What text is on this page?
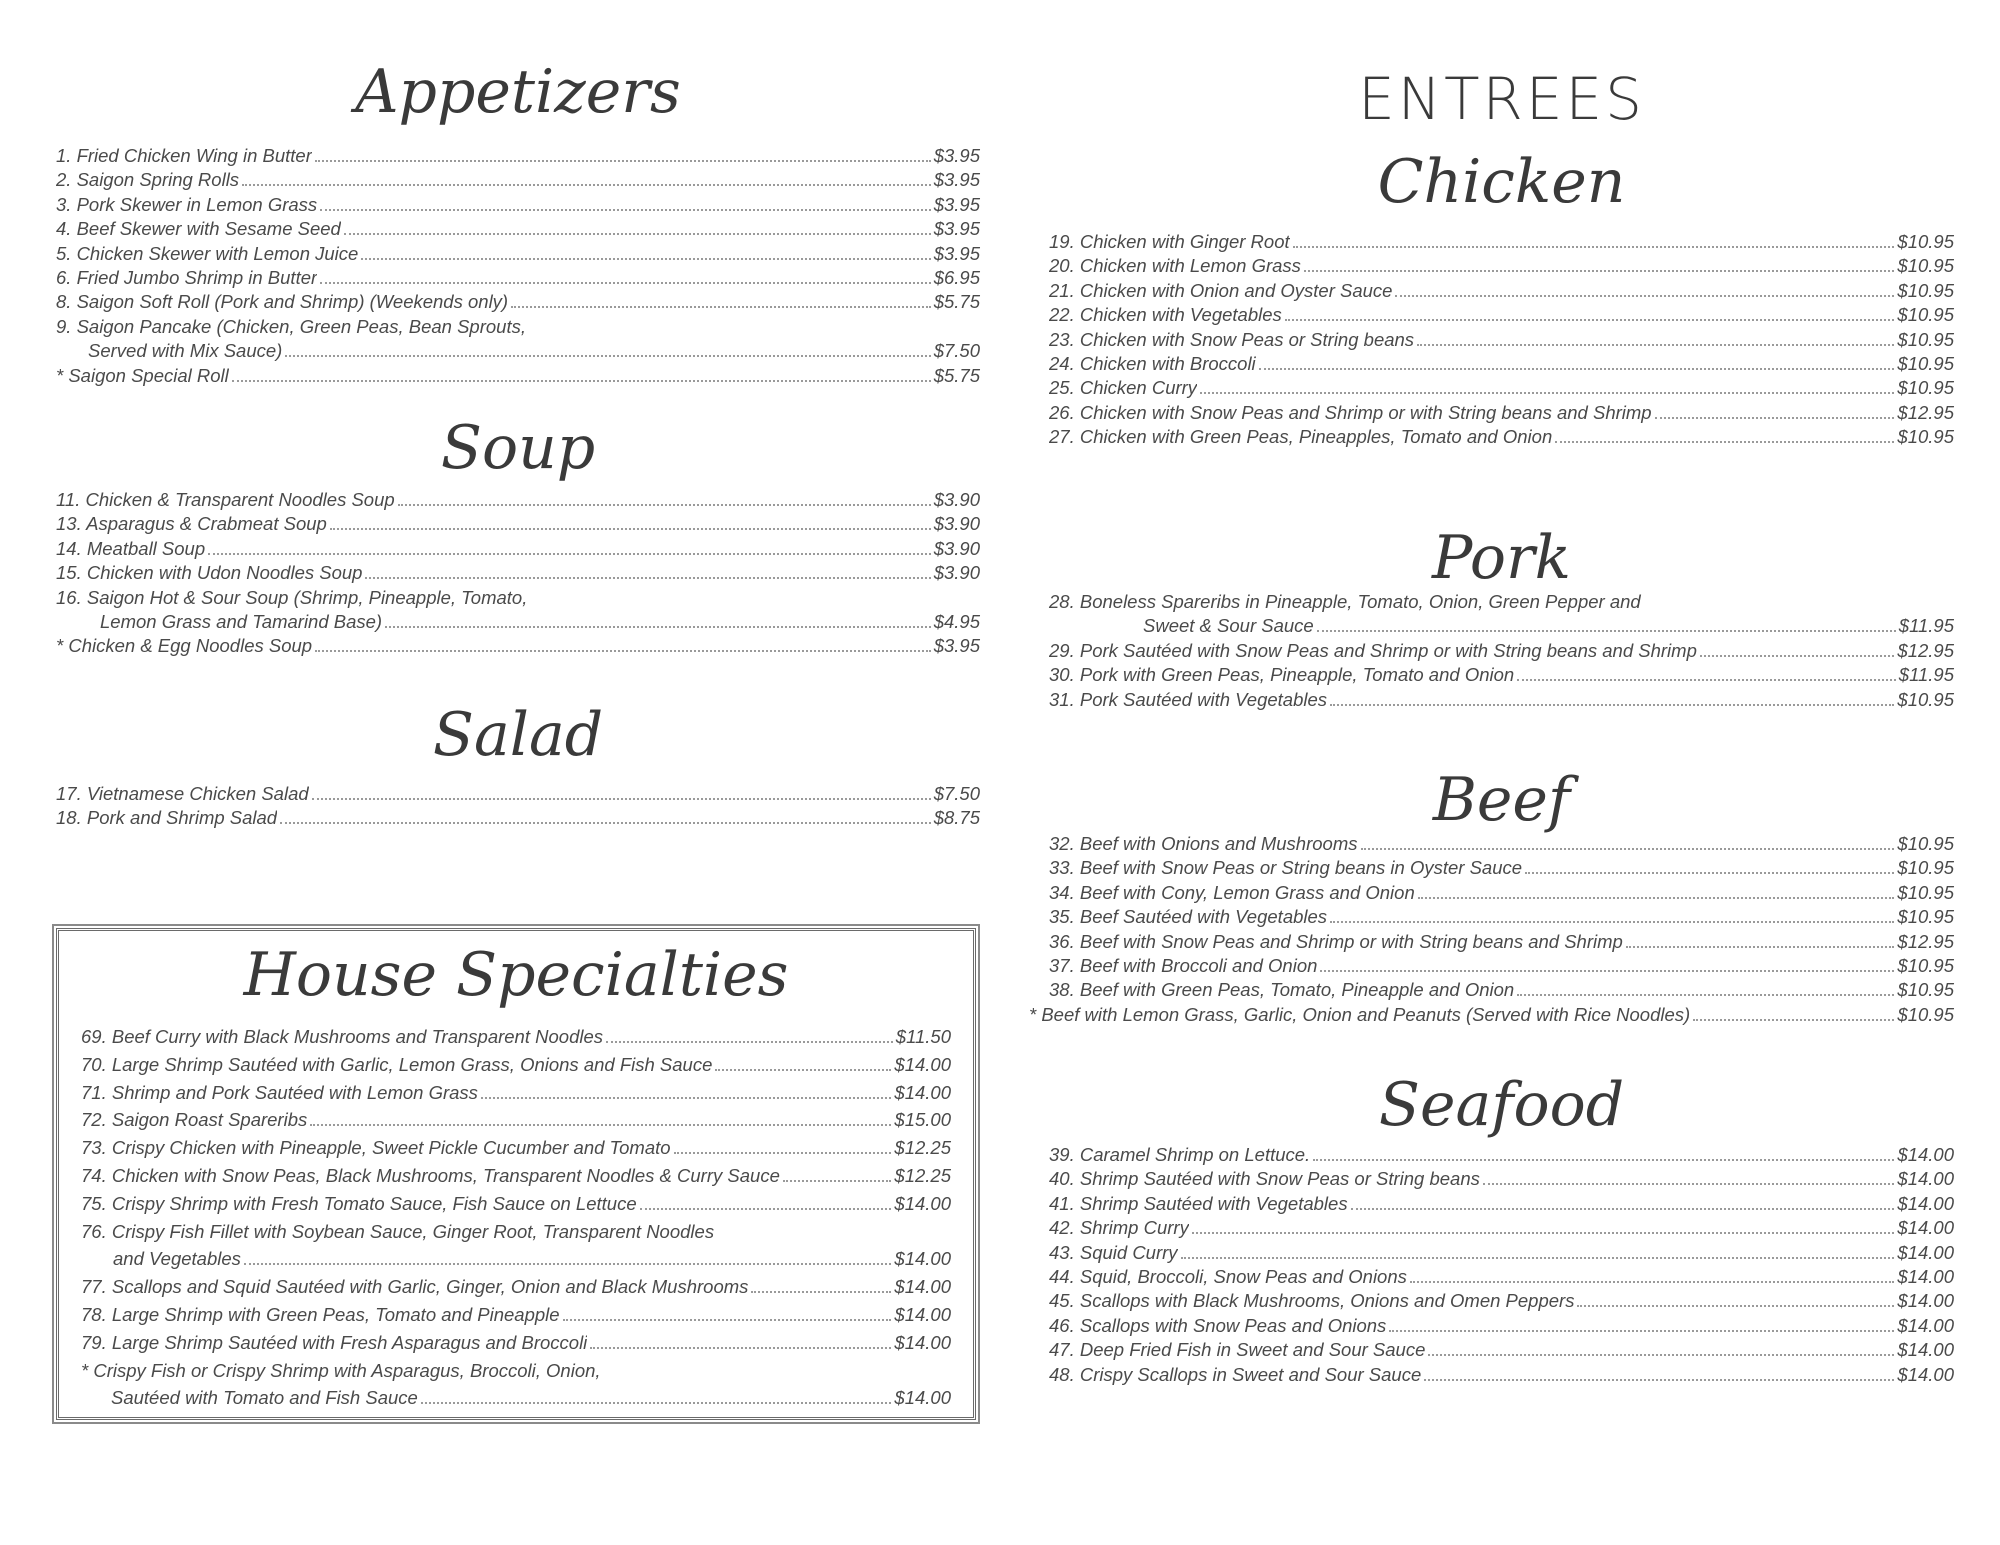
Appetizers
1. Fried Chicken Wing in Butter	$3.95
2. Saigon Spring Rolls	$3.95
3. Pork Skewer in Lemon Grass	$3.95
4. Beef Skewer with Sesame Seed	$3.95
5. Chicken Skewer with Lemon Juice	$3.95
6. Fried Jumbo Shrimp in Butter	$6.95
8. Saigon Soft Roll (Pork and Shrimp) (Weekends only)	$5.75
9. Saigon Pancake (Chicken, Green Peas, Bean Sprouts,
Served with Mix Sauce)	$7.50
* Saigon Special Roll	$5.75
Soup
11. Chicken & Transparent Noodles Soup	$3.90
13. Asparagus & Crabmeat Soup	$3.90
14. Meatball Soup	$3.90
15. Chicken with Udon Noodles Soup	$3.90
16. Saigon Hot & Sour Soup (Shrimp, Pineapple, Tomato,
Lemon Grass and Tamarind Base)	$4.95
* Chicken & Egg Noodles Soup	$3.95
Salad
17. Vietnamese Chicken Salad	$7.50
18. Pork and Shrimp Salad	$8.75
House Specialties
69. Beef Curry with Black Mushrooms and Transparent Noodles	$11.50
70. Large Shrimp Sautéed with Garlic, Lemon Grass, Onions and Fish Sauce	$14.00
71. Shrimp and Pork Sautéed with Lemon Grass	$14.00
72. Saigon Roast Spareribs	$15.00
73. Crispy Chicken with Pineapple, Sweet Pickle Cucumber and Tomato	$12.25
74. Chicken with Snow Peas, Black Mushrooms, Transparent Noodles & Curry Sauce	$12.25
75. Crispy Shrimp with Fresh Tomato Sauce, Fish Sauce on Lettuce	$14.00
76. Crispy Fish Fillet with Soybean Sauce, Ginger Root, Transparent Noodles
and Vegetables	$14.00
77. Scallops and Squid Sautéed with Garlic, Ginger, Onion and Black Mushrooms	$14.00
78. Large Shrimp with Green Peas, Tomato and Pineapple	$14.00
79. Large Shrimp Sautéed with Fresh Asparagus and Broccoli	$14.00
* Crispy Fish or Crispy Shrimp with Asparagus, Broccoli, Onion,
Sautéed with Tomato and Fish Sauce	$14.00
ENTREES
Chicken
19. Chicken with Ginger Root	$10.95
20. Chicken with Lemon Grass	$10.95
21. Chicken with Onion and Oyster Sauce	$10.95
22. Chicken with Vegetables	$10.95
23. Chicken with Snow Peas or String beans	$10.95
24. Chicken with Broccoli	$10.95
25. Chicken Curry	$10.95
26. Chicken with Snow Peas and Shrimp or with String beans and Shrimp	$12.95
27. Chicken with Green Peas, Pineapples, Tomato and Onion	$10.95
Pork
28. Boneless Spareribs in Pineapple, Tomato, Onion, Green Pepper and
Sweet & Sour Sauce	$11.95
29. Pork Sautéed with Snow Peas and Shrimp or with String beans and Shrimp	$12.95
30. Pork with Green Peas, Pineapple, Tomato and Onion	$11.95
31. Pork Sautéed with Vegetables	$10.95
Beef
32. Beef with Onions and Mushrooms	$10.95
33. Beef with Snow Peas or String beans in Oyster Sauce	$10.95
34. Beef with Cony, Lemon Grass and Onion	$10.95
35. Beef Sautéed with Vegetables	$10.95
36. Beef with Snow Peas and Shrimp or with String beans and Shrimp	$12.95
37. Beef with Broccoli and Onion	$10.95
38. Beef with Green Peas, Tomato, Pineapple and Onion	$10.95
* Beef with Lemon Grass, Garlic, Onion and Peanuts (Served with Rice Noodles)	$10.95
Seafood
39. Caramel Shrimp on Lettuce.	$14.00
40. Shrimp Sautéed with Snow Peas or String beans	$14.00
41. Shrimp Sautéed with Vegetables	$14.00
42. Shrimp Curry	$14.00
43. Squid Curry	$14.00
44. Squid, Broccoli, Snow Peas and Onions	$14.00
45. Scallops with Black Mushrooms, Onions and Omen Peppers	$14.00
46. Scallops with Snow Peas and Onions	$14.00
47. Deep Fried Fish in Sweet and Sour Sauce	$14.00
48. Crispy Scallops in Sweet and Sour Sauce	$14.00
